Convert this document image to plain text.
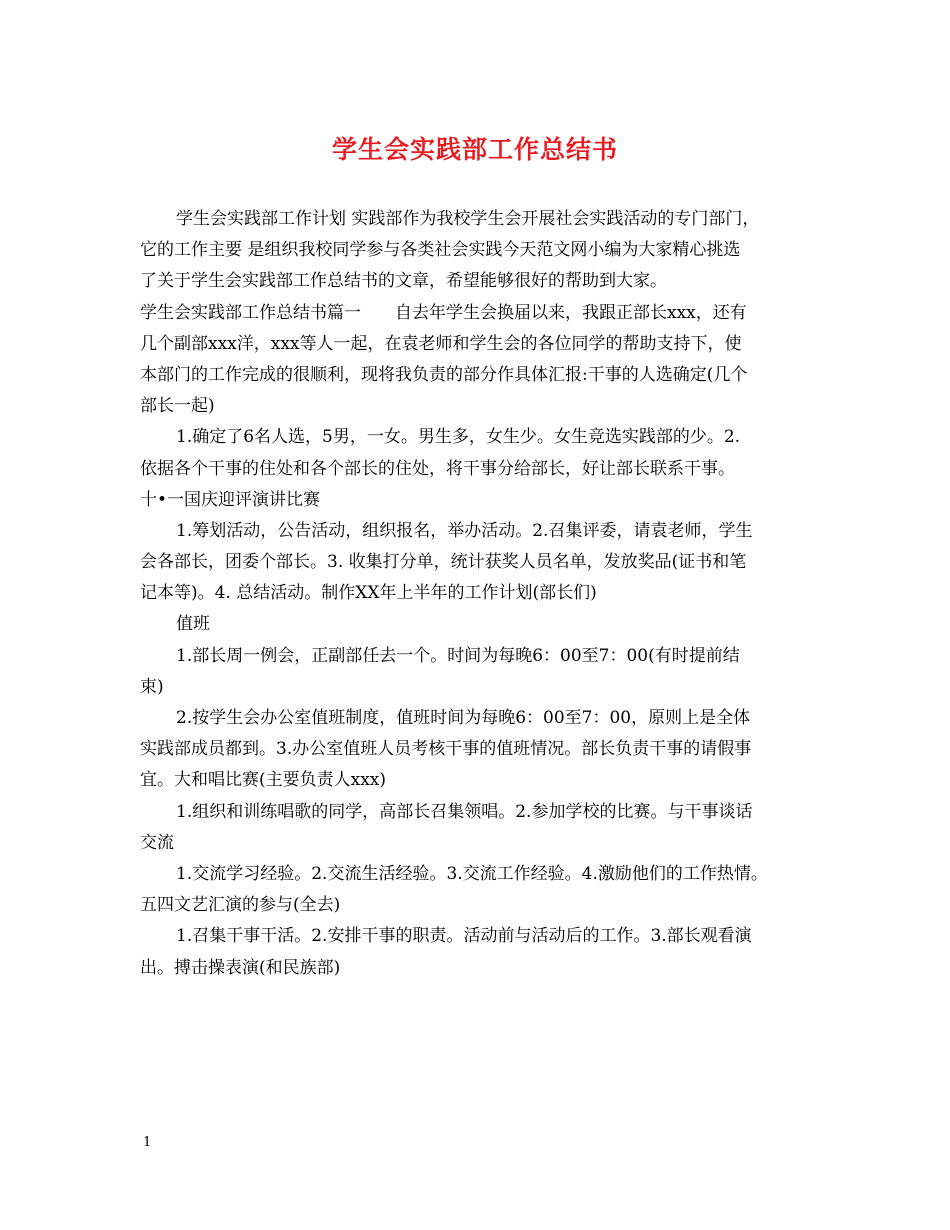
学生会实践部工作总结书
学生会实践部工作计划 实践部作为我校学生会开展社会实践活动的专门部门，
它的工作主要 是组织我校同学参与各类社会实践今天范文网小编为大家精心挑选
了关于学生会实践部工作总结书的文章，希望能够很好的帮助到大家。
学生会实践部工作总结书篇一　　自去年学生会换届以来，我跟正部长xxx，还有
几个副部xxx洋，xxx等人一起，在袁老师和学生会的各位同学的帮助支持下，使
本部门的工作完成的很顺利，现将我负责的部分作具体汇报:干事的人选确定(几个
部长一起)
1.确定了6名人选，5男，一女。男生多，女生少。女生竞选实践部的少。2.
依据各个干事的住处和各个部长的住处，将干事分给部长，好让部长联系干事。
十•一国庆迎评演讲比赛
1.筹划活动，公告活动，组织报名，举办活动。2.召集评委，请袁老师，学生
会各部长，团委个部长。3. 收集打分单，统计获奖人员名单，发放奖品(证书和笔
记本等)。4. 总结活动。制作XX年上半年的工作计划(部长们)
值班
1.部长周一例会，正副部任去一个。时间为每晚6：00至7：00(有时提前结
束)
2.按学生会办公室值班制度，值班时间为每晚6：00至7：00，原则上是全体
实践部成员都到。3.办公室值班人员考核干事的值班情况。部长负责干事的请假事
宜。大和唱比赛(主要负责人xxx)
1.组织和训练唱歌的同学，高部长召集领唱。2.参加学校的比赛。与干事谈话
交流
1.交流学习经验。2.交流生活经验。3.交流工作经验。4.激励他们的工作热情。
五四文艺汇演的参与(全去)
1.召集干事干活。2.安排干事的职责。活动前与活动后的工作。3.部长观看演
出。搏击操表演(和民族部)
1
